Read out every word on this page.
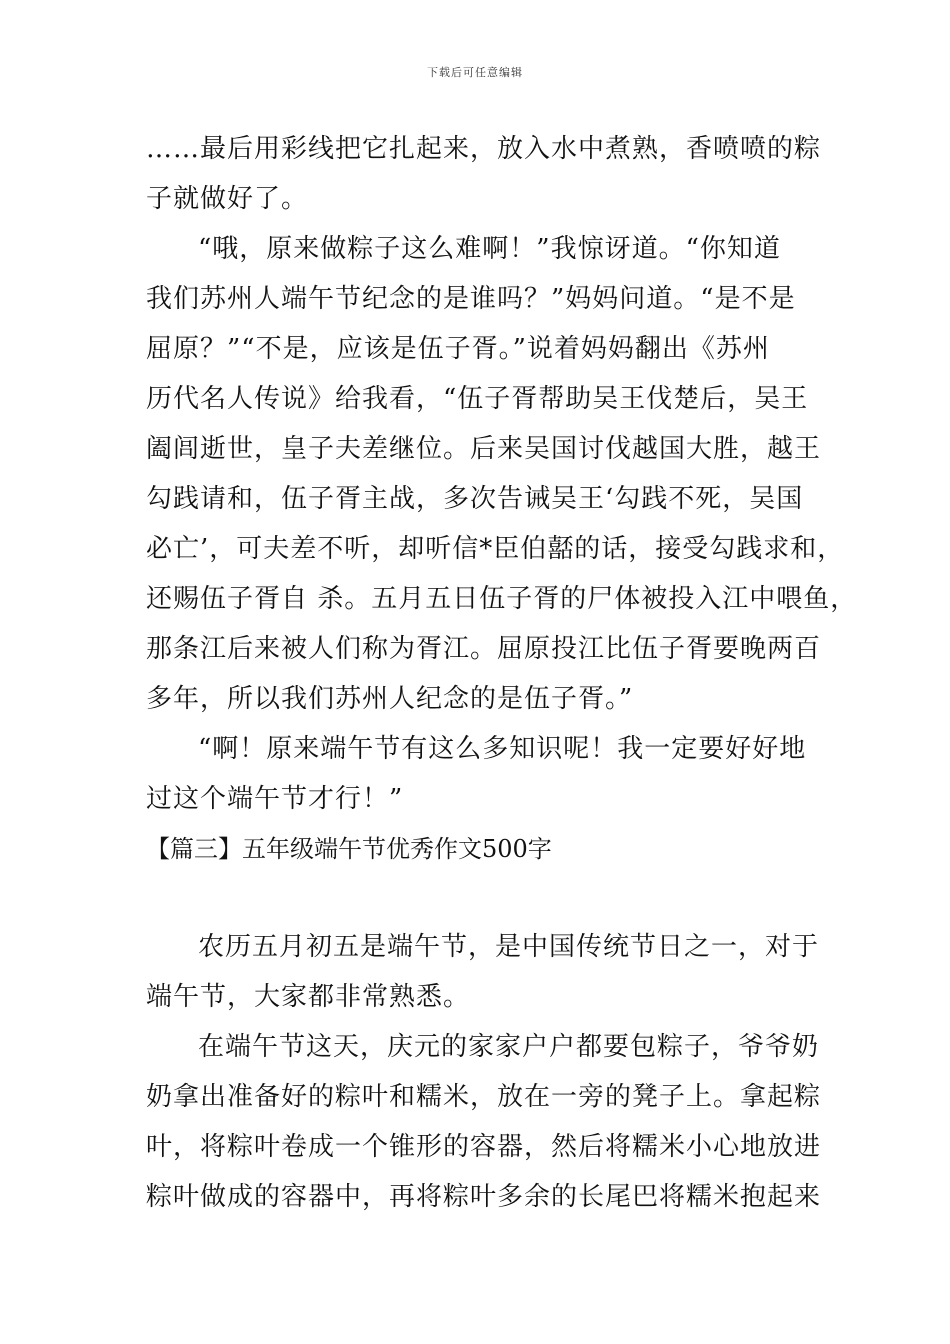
下载后可任意编辑
……最后用彩线把它扎起来，放入水中煮熟，香喷喷的粽
子就做好了。
“哦，原来做粽子这么难啊！”我惊讶道。“你知道
我们苏州人端午节纪念的是谁吗？”妈妈问道。“是不是
屈原？”“不是，应该是伍子胥。”说着妈妈翻出《苏州
历代名人传说》给我看，“伍子胥帮助吴王伐楚后，吴王
阖闾逝世，皇子夫差继位。后来吴国讨伐越国大胜，越王
勾践请和，伍子胥主战，多次告诫吴王‘勾践不死，吴国
必亡’，可夫差不听，却听信*臣伯嚭的话，接受勾践求和，
还赐伍子胥自 杀。五月五日伍子胥的尸体被投入江中喂鱼，
那条江后来被人们称为胥江。屈原投江比伍子胥要晚两百
多年，所以我们苏州人纪念的是伍子胥。”
“啊！原来端午节有这么多知识呢！我一定要好好地
过这个端午节才行！”
【篇三】五年级端午节优秀作文500字
农历五月初五是端午节，是中国传统节日之一，对于
端午节，大家都非常熟悉。
在端午节这天，庆元的家家户户都要包粽子，爷爷奶
奶拿出准备好的粽叶和糯米，放在一旁的凳子上。拿起粽
叶，将粽叶卷成一个锥形的容器，然后将糯米小心地放进
粽叶做成的容器中，再将粽叶多余的长尾巴将糯米抱起来
